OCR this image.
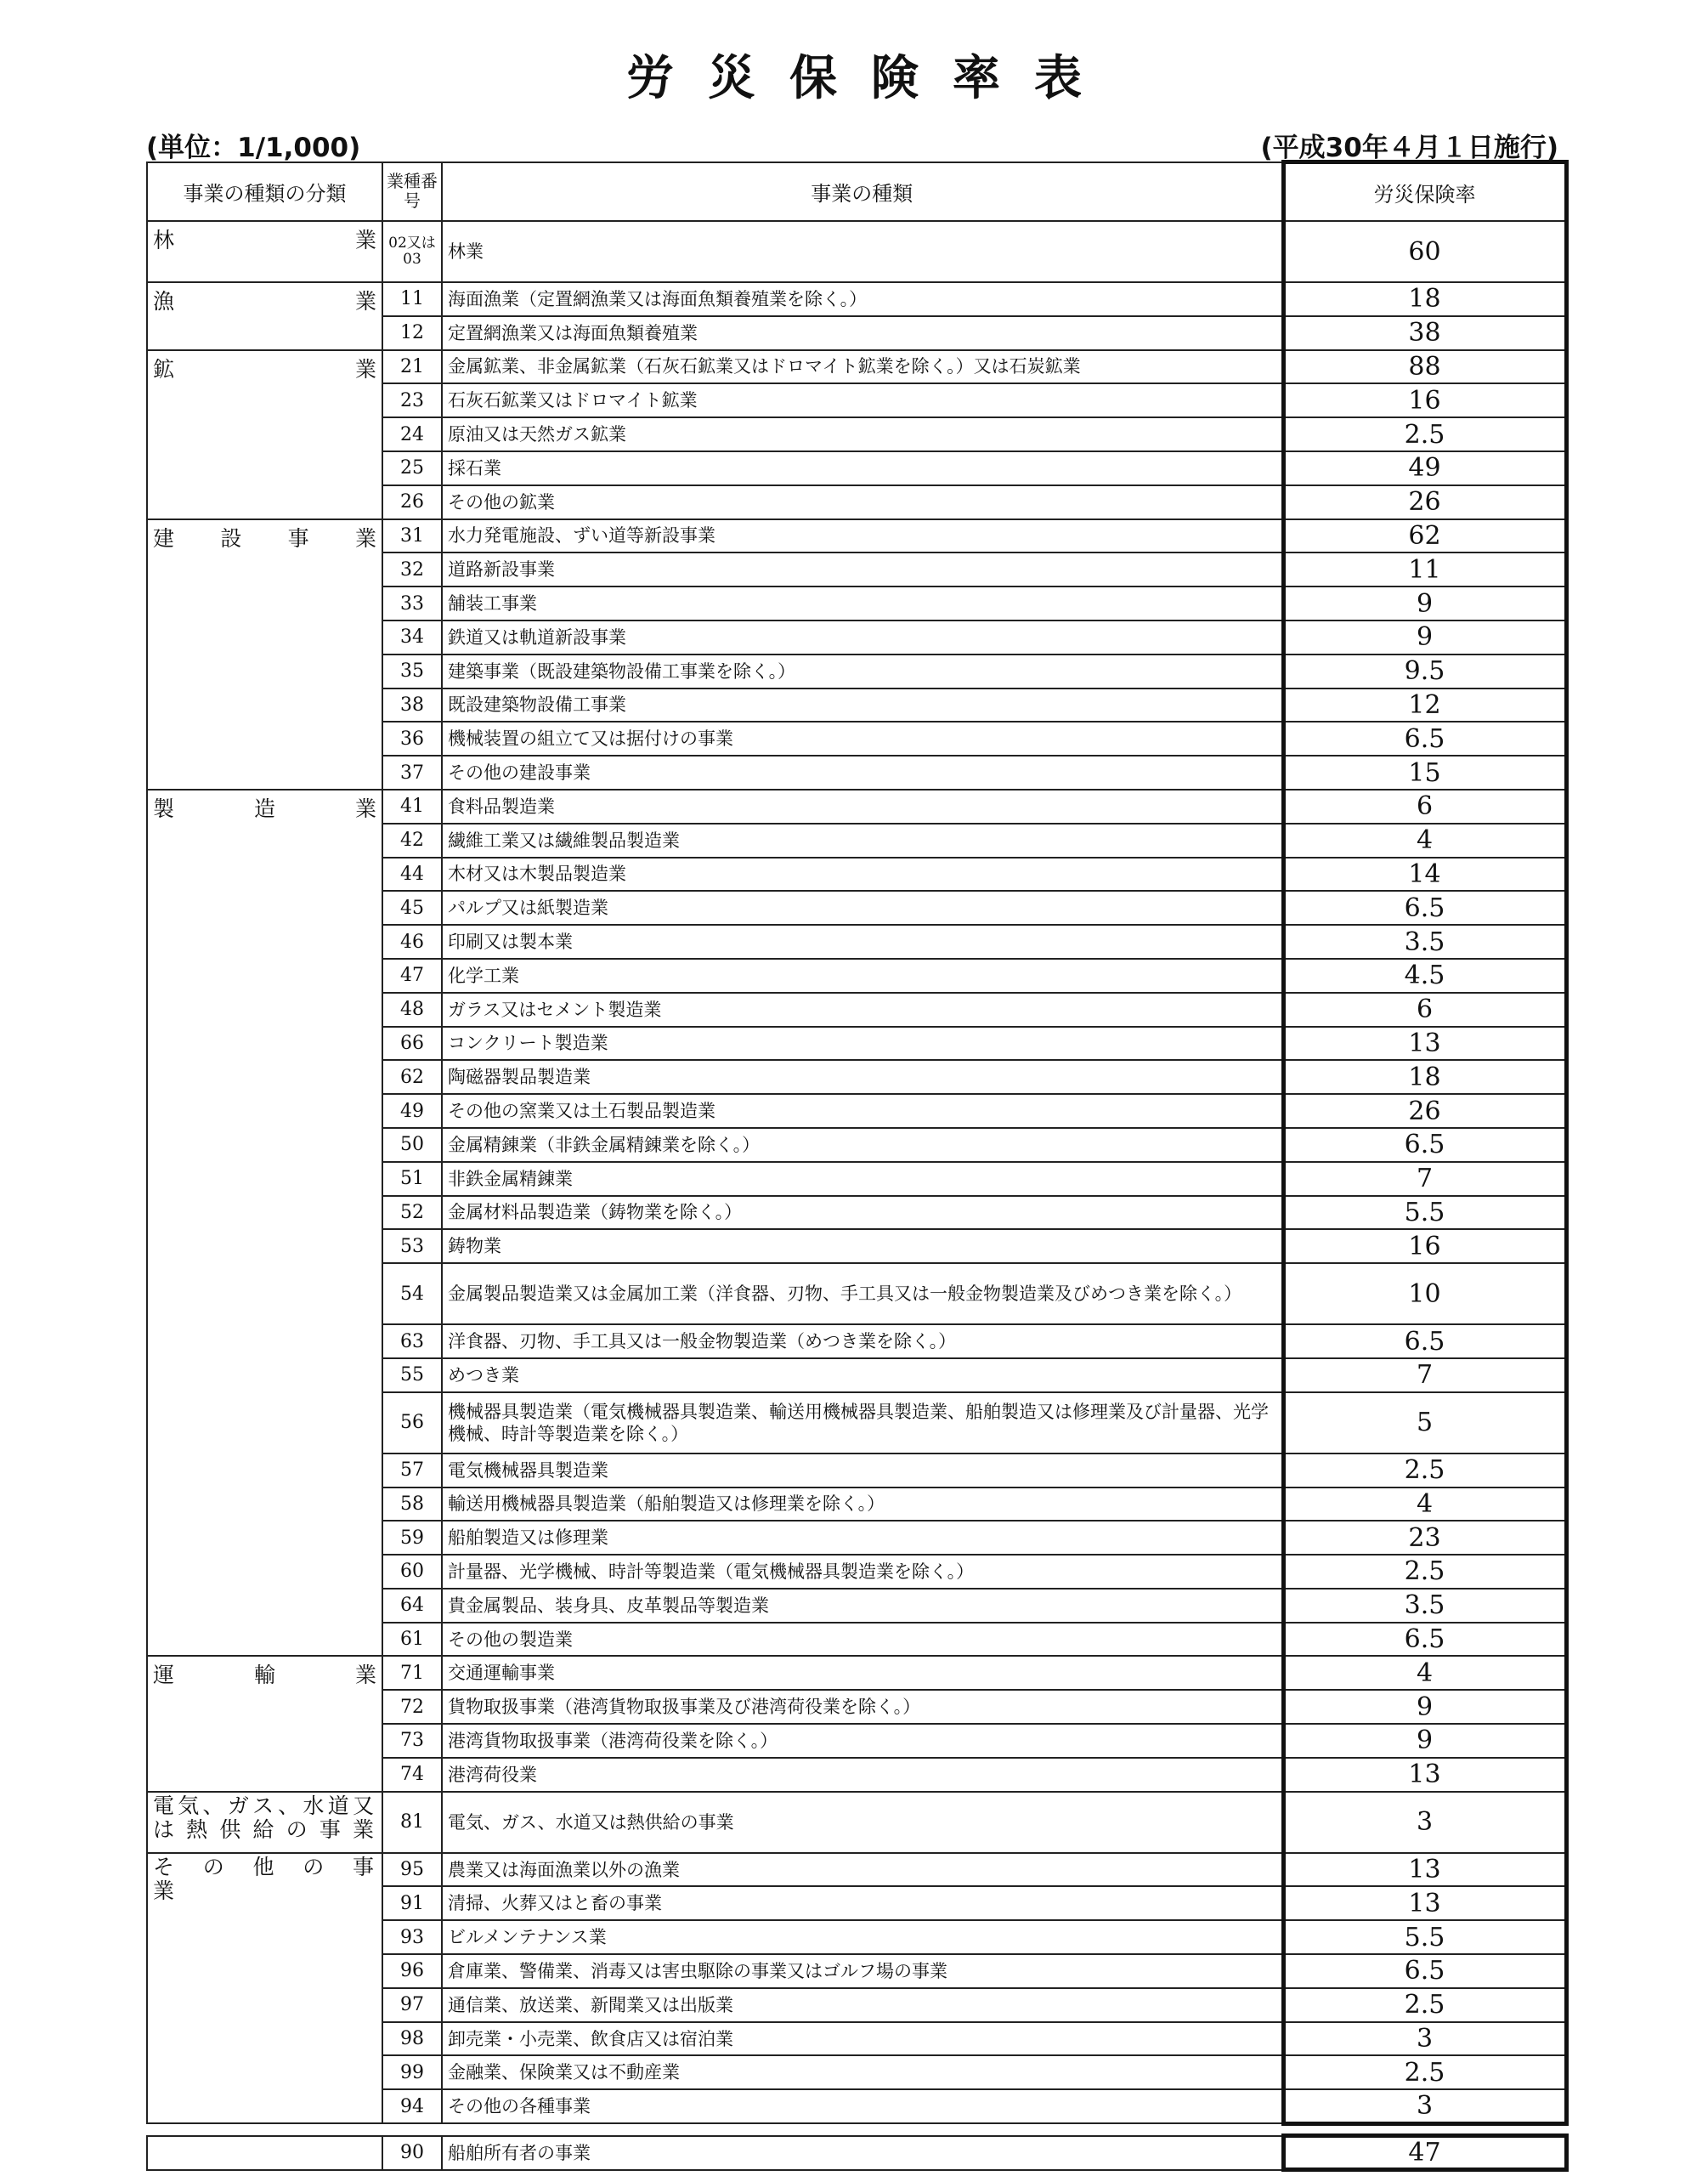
労災保険率表
(単位：1/1,000)	(平成30年４月１日施行)
事業の種類の分類	業種番号	事業の種類	労災保険率

林　　　業	02又は03	林業	60

漁　　　業	11	海面漁業（定置網漁業又は海面魚類養殖業を除く。）	18
	12	定置網漁業又は海面魚類養殖業	38

鉱　　　業	21	金属鉱業、非金属鉱業（石灰石鉱業又はドロマイト鉱業を除く。）又は石炭鉱業	88
	23	石灰石鉱業又はドロマイト鉱業	16
	24	原油又は天然ガス鉱業	2.5
	25	採石業	49
	26	その他の鉱業	26

建　設　事　業	31	水力発電施設、ずい道等新設事業	62
	32	道路新設事業	11
	33	舗装工事業	9
	34	鉄道又は軌道新設事業	9
	35	建築事業（既設建築物設備工事業を除く。）	9.5
	38	既設建築物設備工事業	12
	36	機械装置の組立て又は据付けの事業	6.5
	37	その他の建設事業	15

製　　造　　業	41	食料品製造業	6
	42	繊維工業又は繊維製品製造業	4
	44	木材又は木製品製造業	14
	45	パルプ又は紙製造業	6.5
	46	印刷又は製本業	3.5
	47	化学工業	4.5
	48	ガラス又はセメント製造業	6
	66	コンクリート製造業	13
	62	陶磁器製品製造業	18
	49	その他の窯業又は土石製品製造業	26
	50	金属精錬業（非鉄金属精錬業を除く。）	6.5
	51	非鉄金属精錬業	7
	52	金属材料品製造業（鋳物業を除く。）	5.5
	53	鋳物業	16
	54	金属製品製造業又は金属加工業（洋食器、刃物、手工具又は一般金物製造業及びめつき業を除く。）	10
	63	洋食器、刃物、手工具又は一般金物製造業（めつき業を除く。）	6.5
	55	めつき業	7
	56	機械器具製造業（電気機械器具製造業、輸送用機械器具製造業、船舶製造又は修理業及び計量器、光学機械、時計等製造業を除く。）	5
	57	電気機械器具製造業	2.5
	58	輸送用機械器具製造業（船舶製造又は修理業を除く。）	4
	59	船舶製造又は修理業	23
	60	計量器、光学機械、時計等製造業（電気機械器具製造業を除く。）	2.5
	64	貴金属製品、装身具、皮革製品等製造業	3.5
	61	その他の製造業	6.5

運　　輸　　業	71	交通運輸事業	4
	72	貨物取扱事業（港湾貨物取扱事業及び港湾荷役業を除く。）	9
	73	港湾貨物取扱事業（港湾荷役業を除く。）	9
	74	港湾荷役業	13

電気、ガス、水道又は熱供給の事業	81	電気、ガス、水道又は熱供給の事業	3

そ　の　他　の　事　業	95	農業又は海面漁業以外の漁業	13
	91	清掃、火葬又はと畜の事業	13
	93	ビルメンテナンス業	5.5
	96	倉庫業、警備業、消毒又は害虫駆除の事業又はゴルフ場の事業	6.5
	97	通信業、放送業、新聞業又は出版業	2.5
	98	卸売業・小売業、飲食店又は宿泊業	3
	99	金融業、保険業又は不動産業	2.5
	94	その他の各種事業	3
	90	船舶所有者の事業	47
